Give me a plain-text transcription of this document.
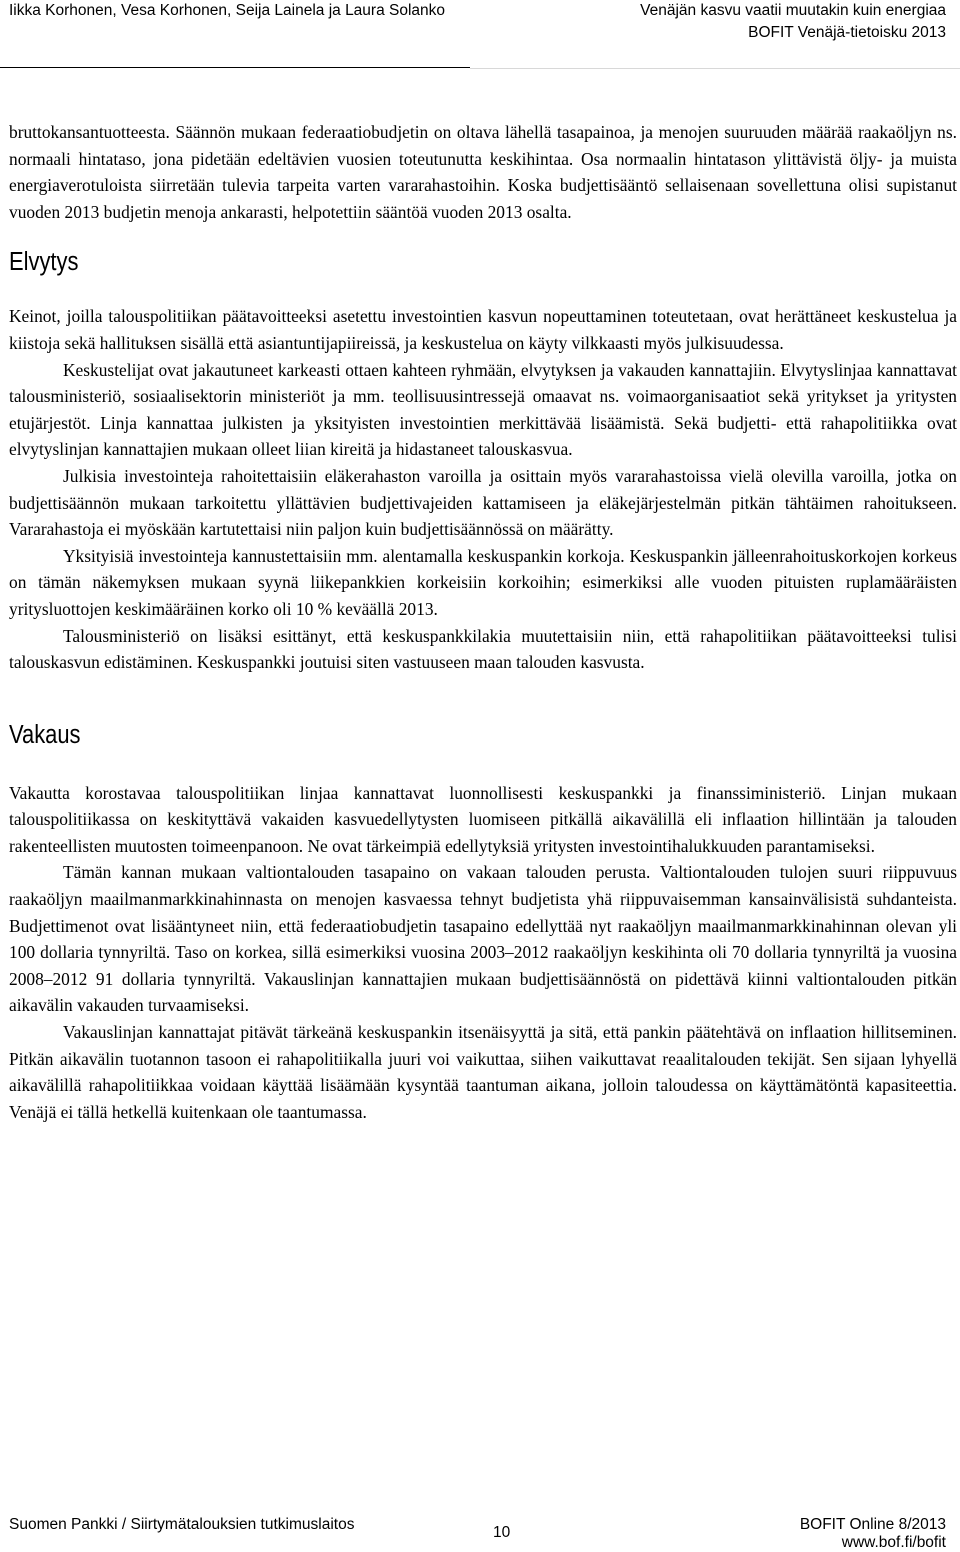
Iikka Korhonen, Vesa Korhonen, Seija Lainela ja Laura Solanko	Venäjän kasvu vaatii muutakin kuin energiaa
BOFIT Venäjä-tietoisku 2013

bruttokansantuotteesta. Säännön mukaan federaatiobudjetin on oltava lähellä tasapainoa, ja menojen suuruuden määrää raakaöljyn ns. normaali hintataso, jona pidetään edeltävien vuosien toteutunutta keskihintaa. Osa normaalin hintatason ylittävistä öljy- ja muista energiaverotuloista siirretään tulevia tarpeita varten vararahastoihin. Koska budjettisääntö sellaisenaan sovellettuna olisi supistanut vuoden 2013 budjetin menoja ankarasti, helpotettiin sääntöä vuoden 2013 osalta.

Elvytys

Keinot, joilla talouspolitiikan päätavoitteeksi asetettu investointien kasvun nopeuttaminen toteutetaan, ovat herättäneet keskustelua ja kiistoja sekä hallituksen sisällä että asiantuntijapiireissä, ja keskustelua on käyty vilkkaasti myös julkisuudessa.

Keskustelijat ovat jakautuneet karkeasti ottaen kahteen ryhmään, elvytyksen ja vakauden kannattajiin. Elvytyslinjaa kannattavat talousministeriö, sosiaalisektorin ministeriöt ja mm. teollisuusintressejä omaavat ns. voimaorganisaatiot sekä yritykset ja yritysten etujärjestöt. Linja kannattaa julkisten ja yksityisten investointien merkittävää lisäämistä. Sekä budjetti- että rahapolitiikka ovat elvytyslinjan kannattajien mukaan olleet liian kireitä ja hidastaneet talouskasvua.

Julkisia investointeja rahoitettaisiin eläkerahaston varoilla ja osittain myös vararahastoissa vielä olevilla varoilla, jotka on budjettisäännön mukaan tarkoitettu yllättävien budjettivajeiden kattamiseen ja eläkejärjestelmän pitkän tähtäimen rahoitukseen. Vararahastoja ei myöskään kartutettaisi niin paljon kuin budjettisäännössä on määrätty.

Yksityisiä investointeja kannustettaisiin mm. alentamalla keskuspankin korkoja. Keskuspankin jälleenrahoituskorkojen korkeus on tämän näkemyksen mukaan syynä liikepankkien korkeisiin korkoihin; esimerkiksi alle vuoden pituisten ruplamääräisten yritysluottojen keskimääräinen korko oli 10 % keväällä 2013.

Talousministeriö on lisäksi esittänyt, että keskuspankkilakia muutettaisiin niin, että rahapolitiikan päätavoitteeksi tulisi talouskasvun edistäminen. Keskuspankki joutuisi siten vastuuseen maan talouden kasvusta.

Vakaus

Vakautta korostavaa talouspolitiikan linjaa kannattavat luonnollisesti keskuspankki ja finanssiministeriö. Linjan mukaan talouspolitiikassa on keskityttävä vakaiden kasvuedellytysten luomiseen pitkällä aikavälillä eli inflaation hillintään ja talouden rakenteellisten muutosten toimeenpanoon. Ne ovat tärkeimpiä edellytyksiä yritysten investointihalukkuuden parantamiseksi.

Tämän kannan mukaan valtiontalouden tasapaino on vakaan talouden perusta. Valtiontalouden tulojen suuri riippuvuus raakaöljyn maailmanmarkkinahinnasta on menojen kasvaessa tehnyt budjetista yhä riippuvaisemman kansainvälisistä suhdanteista. Budjettimenot ovat lisääntyneet niin, että federaatiobudjetin tasapaino edellyttää nyt raakaöljyn maailmanmarkkinahinnan olevan yli 100 dollaria tynnyriltä. Taso on korkea, sillä esimerkiksi vuosina 2003–2012 raakaöljyn keskihinta oli 70 dollaria tynnyriltä ja vuosina 2008–2012 91 dollaria tynnyriltä. Vakauslinjan kannattajien mukaan budjettisäännöstä on pidettävä kiinni valtiontalouden pitkän aikavälin vakauden turvaamiseksi.

Vakauslinjan kannattajat pitävät tärkeänä keskuspankin itsenäisyyttä ja sitä, että pankin päätehtävä on inflaation hillitseminen. Pitkän aikavälin tuotannon tasoon ei rahapolitiikalla juuri voi vaikuttaa, siihen vaikuttavat reaalitalouden tekijät. Sen sijaan lyhyellä aikavälillä rahapolitiikkaa voidaan käyttää lisäämään kysyntää taantuman aikana, jolloin taloudessa on käyttämätöntä kapasiteettia. Venäjä ei tällä hetkellä kuitenkaan ole taantumassa.

Suomen Pankki / Siirtymätalouksien tutkimuslaitos	10	BOFIT Online 8/2013
www.bof.fi/bofit
